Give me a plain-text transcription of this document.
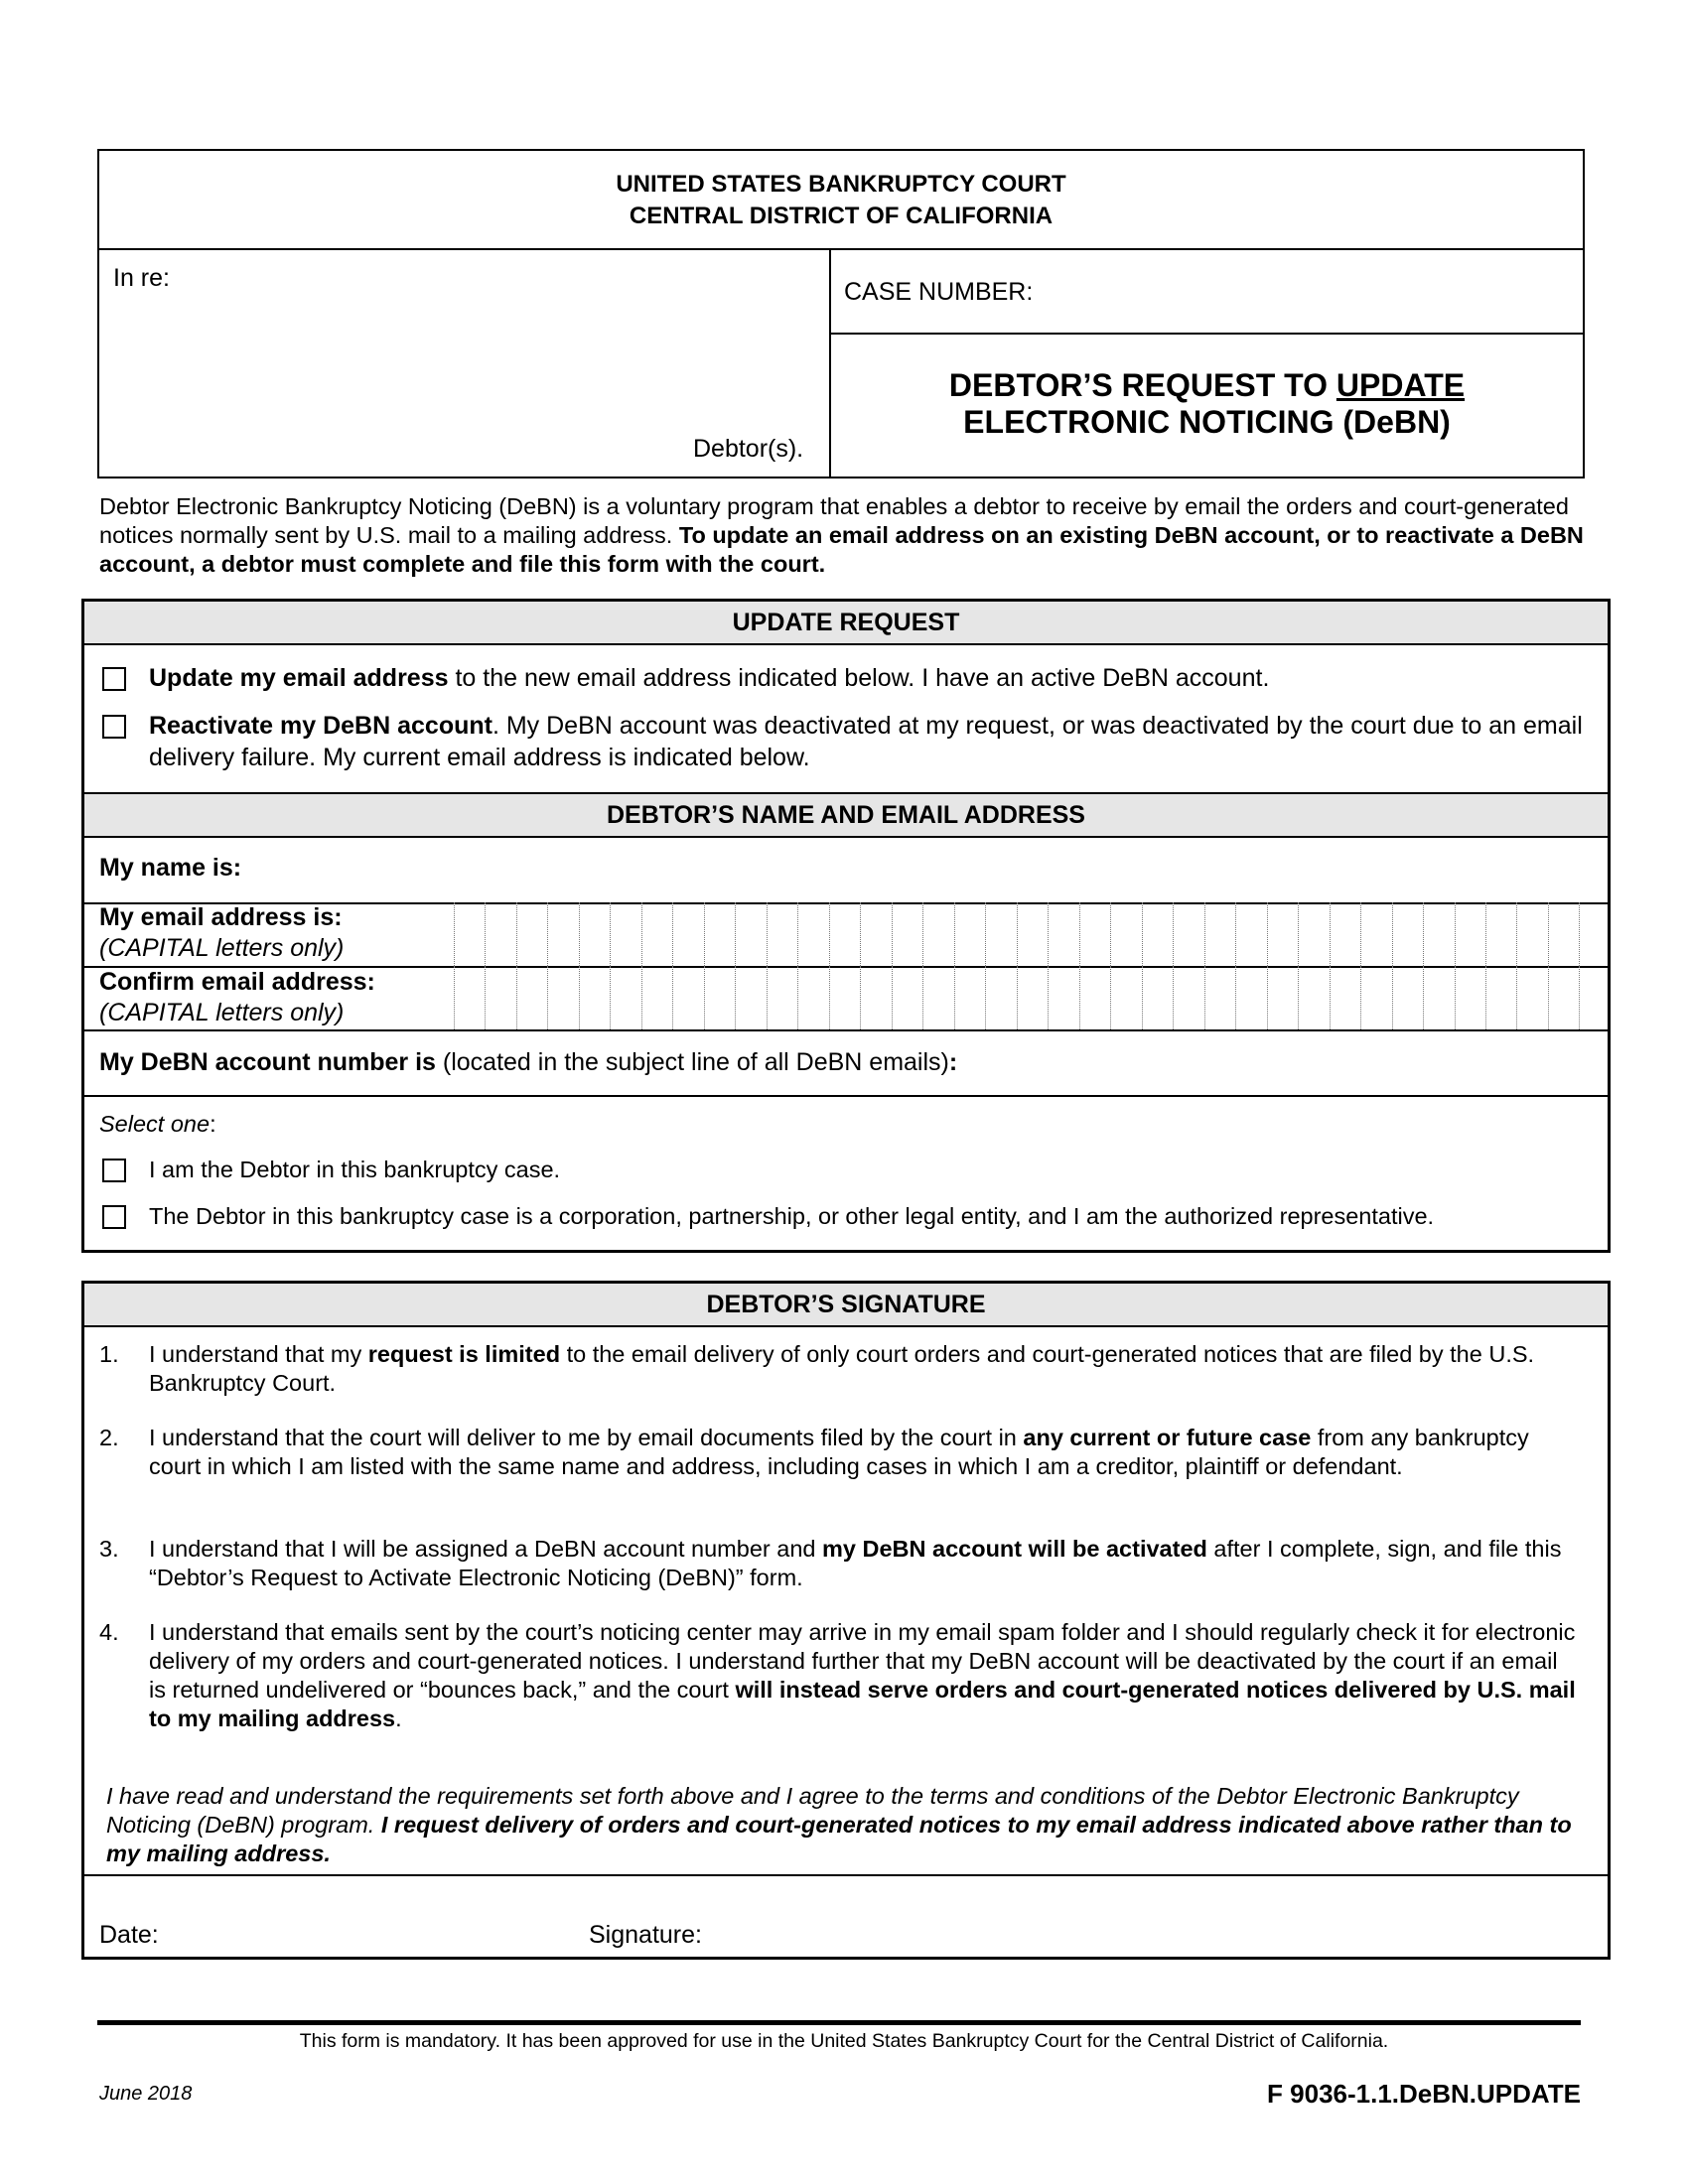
UNITED STATES BANKRUPTCY COURT
CENTRAL DISTRICT OF CALIFORNIA
In re:
Debtor(s).
CASE NUMBER:
DEBTOR’S REQUEST TO UPDATE
ELECTRONIC NOTICING (DeBN)
Debtor Electronic Bankruptcy Noticing (DeBN) is a voluntary program that enables a debtor to receive by email the orders and court-generated notices normally sent by U.S. mail to a mailing address. To update an email address on an existing DeBN account, or to reactivate a DeBN account, a debtor must complete and file this form with the court.
UPDATE REQUEST
Update my email address to the new email address indicated below. I have an active DeBN account.
Reactivate my DeBN account. My DeBN account was deactivated at my request, or was deactivated by the court due to an email delivery failure. My current email address is indicated below.
DEBTOR’S NAME AND EMAIL ADDRESS
My name is:
My email address is:
(CAPITAL letters only)
Confirm email address:
(CAPITAL letters only)
My DeBN account number is (located in the subject line of all DeBN emails):
Select one:
I am the Debtor in this bankruptcy case.
The Debtor in this bankruptcy case is a corporation, partnership, or other legal entity, and I am the authorized representative.
DEBTOR’S SIGNATURE
1. I understand that my request is limited to the email delivery of only court orders and court-generated notices that are filed by the U.S. Bankruptcy Court.
2. I understand that the court will deliver to me by email documents filed by the court in any current or future case from any bankruptcy court in which I am listed with the same name and address, including cases in which I am a creditor, plaintiff or defendant.
3. I understand that I will be assigned a DeBN account number and my DeBN account will be activated after I complete, sign, and file this “Debtor’s Request to Activate Electronic Noticing (DeBN)” form.
4. I understand that emails sent by the court’s noticing center may arrive in my email spam folder and I should regularly check it for electronic delivery of my orders and court-generated notices. I understand further that my DeBN account will be deactivated by the court if an email is returned undelivered or “bounces back,” and the court will instead serve orders and court-generated notices delivered by U.S. mail to my mailing address.
I have read and understand the requirements set forth above and I agree to the terms and conditions of the Debtor Electronic Bankruptcy Noticing (DeBN) program. I request delivery of orders and court-generated notices to my email address indicated above rather than to my mailing address.
Date:	Signature:
This form is mandatory. It has been approved for use in the United States Bankruptcy Court for the Central District of California.
June 2018	F 9036-1.1.DeBN.UPDATE
